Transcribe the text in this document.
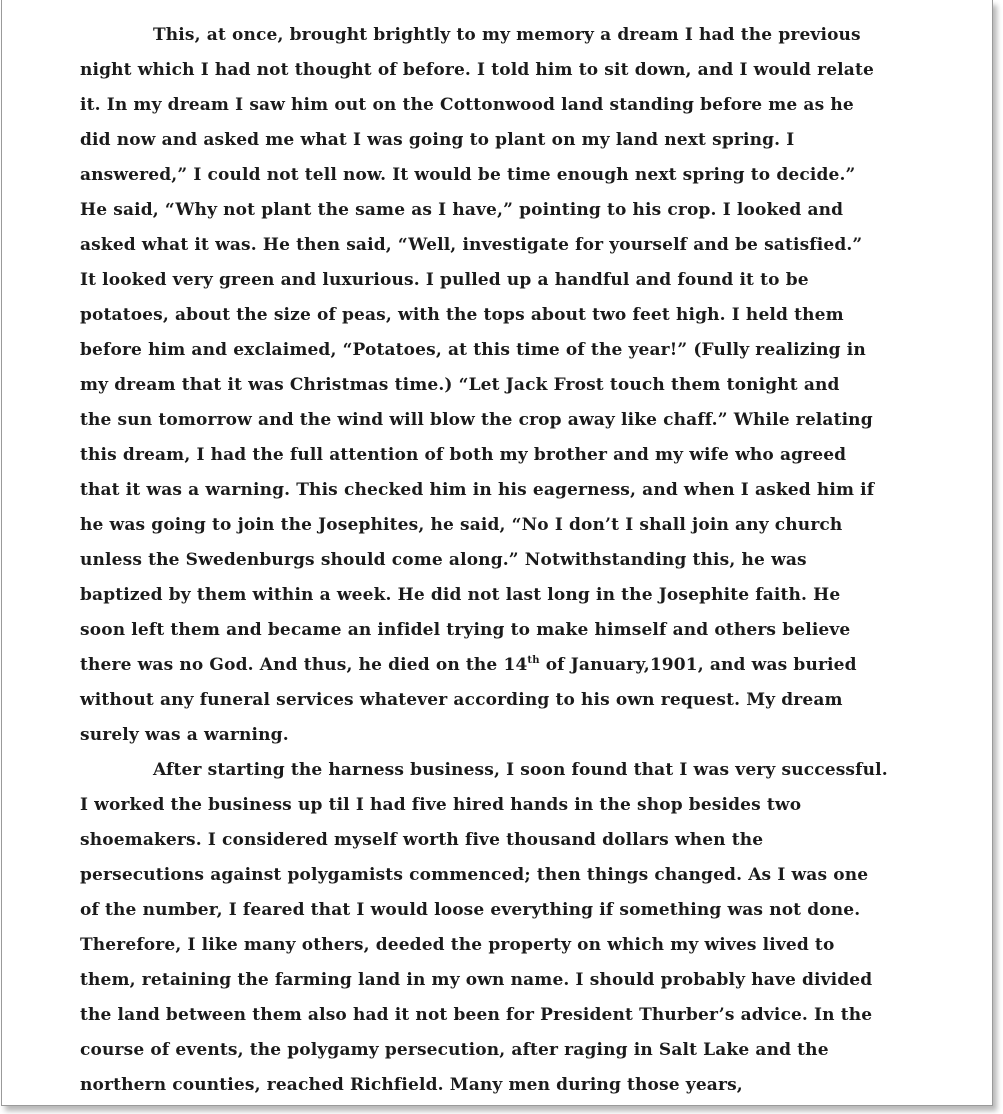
This, at once, brought brightly to my memory a dream I had the previous
night which I had not thought of before. I told him to sit down, and I would relate
it. In my dream I saw him out on the Cottonwood land standing before me as he
did now and asked me what I was going to plant on my land next spring. I
answered,” I could not tell now. It would be time enough next spring to decide.”
He said, “Why not plant the same as I have,” pointing to his crop. I looked and
asked what it was. He then said, “Well, investigate for yourself and be satisfied.”
It looked very green and luxurious. I pulled up a handful and found it to be
potatoes, about the size of peas, with the tops about two feet high. I held them
before him and exclaimed, “Potatoes, at this time of the year!” (Fully realizing in
my dream that it was Christmas time.) “Let Jack Frost touch them tonight and
the sun tomorrow and the wind will blow the crop away like chaff.” While relating
this dream, I had the full attention of both my brother and my wife who agreed
that it was a warning. This checked him in his eagerness, and when I asked him if
he was going to join the Josephites, he said, “No I don’t I shall join any church
unless the Swedenburgs should come along.” Notwithstanding this, he was
baptized by them within a week. He did not last long in the Josephite faith. He
soon left them and became an infidel trying to make himself and others believe
there was no God. And thus, he died on the 14th of January,1901, and was buried
without any funeral services whatever according to his own request. My dream
surely was a warning.
After starting the harness business, I soon found that I was very successful.
I worked the business up til I had five hired hands in the shop besides two
shoemakers. I considered myself worth five thousand dollars when the
persecutions against polygamists commenced; then things changed. As I was one
of the number, I feared that I would loose everything if something was not done.
Therefore, I like many others, deeded the property on which my wives lived to
them, retaining the farming land in my own name. I should probably have divided
the land between them also had it not been for President Thurber’s advice. In the
course of events, the polygamy persecution, after raging in Salt Lake and the
northern counties, reached Richfield. Many men during those years,
